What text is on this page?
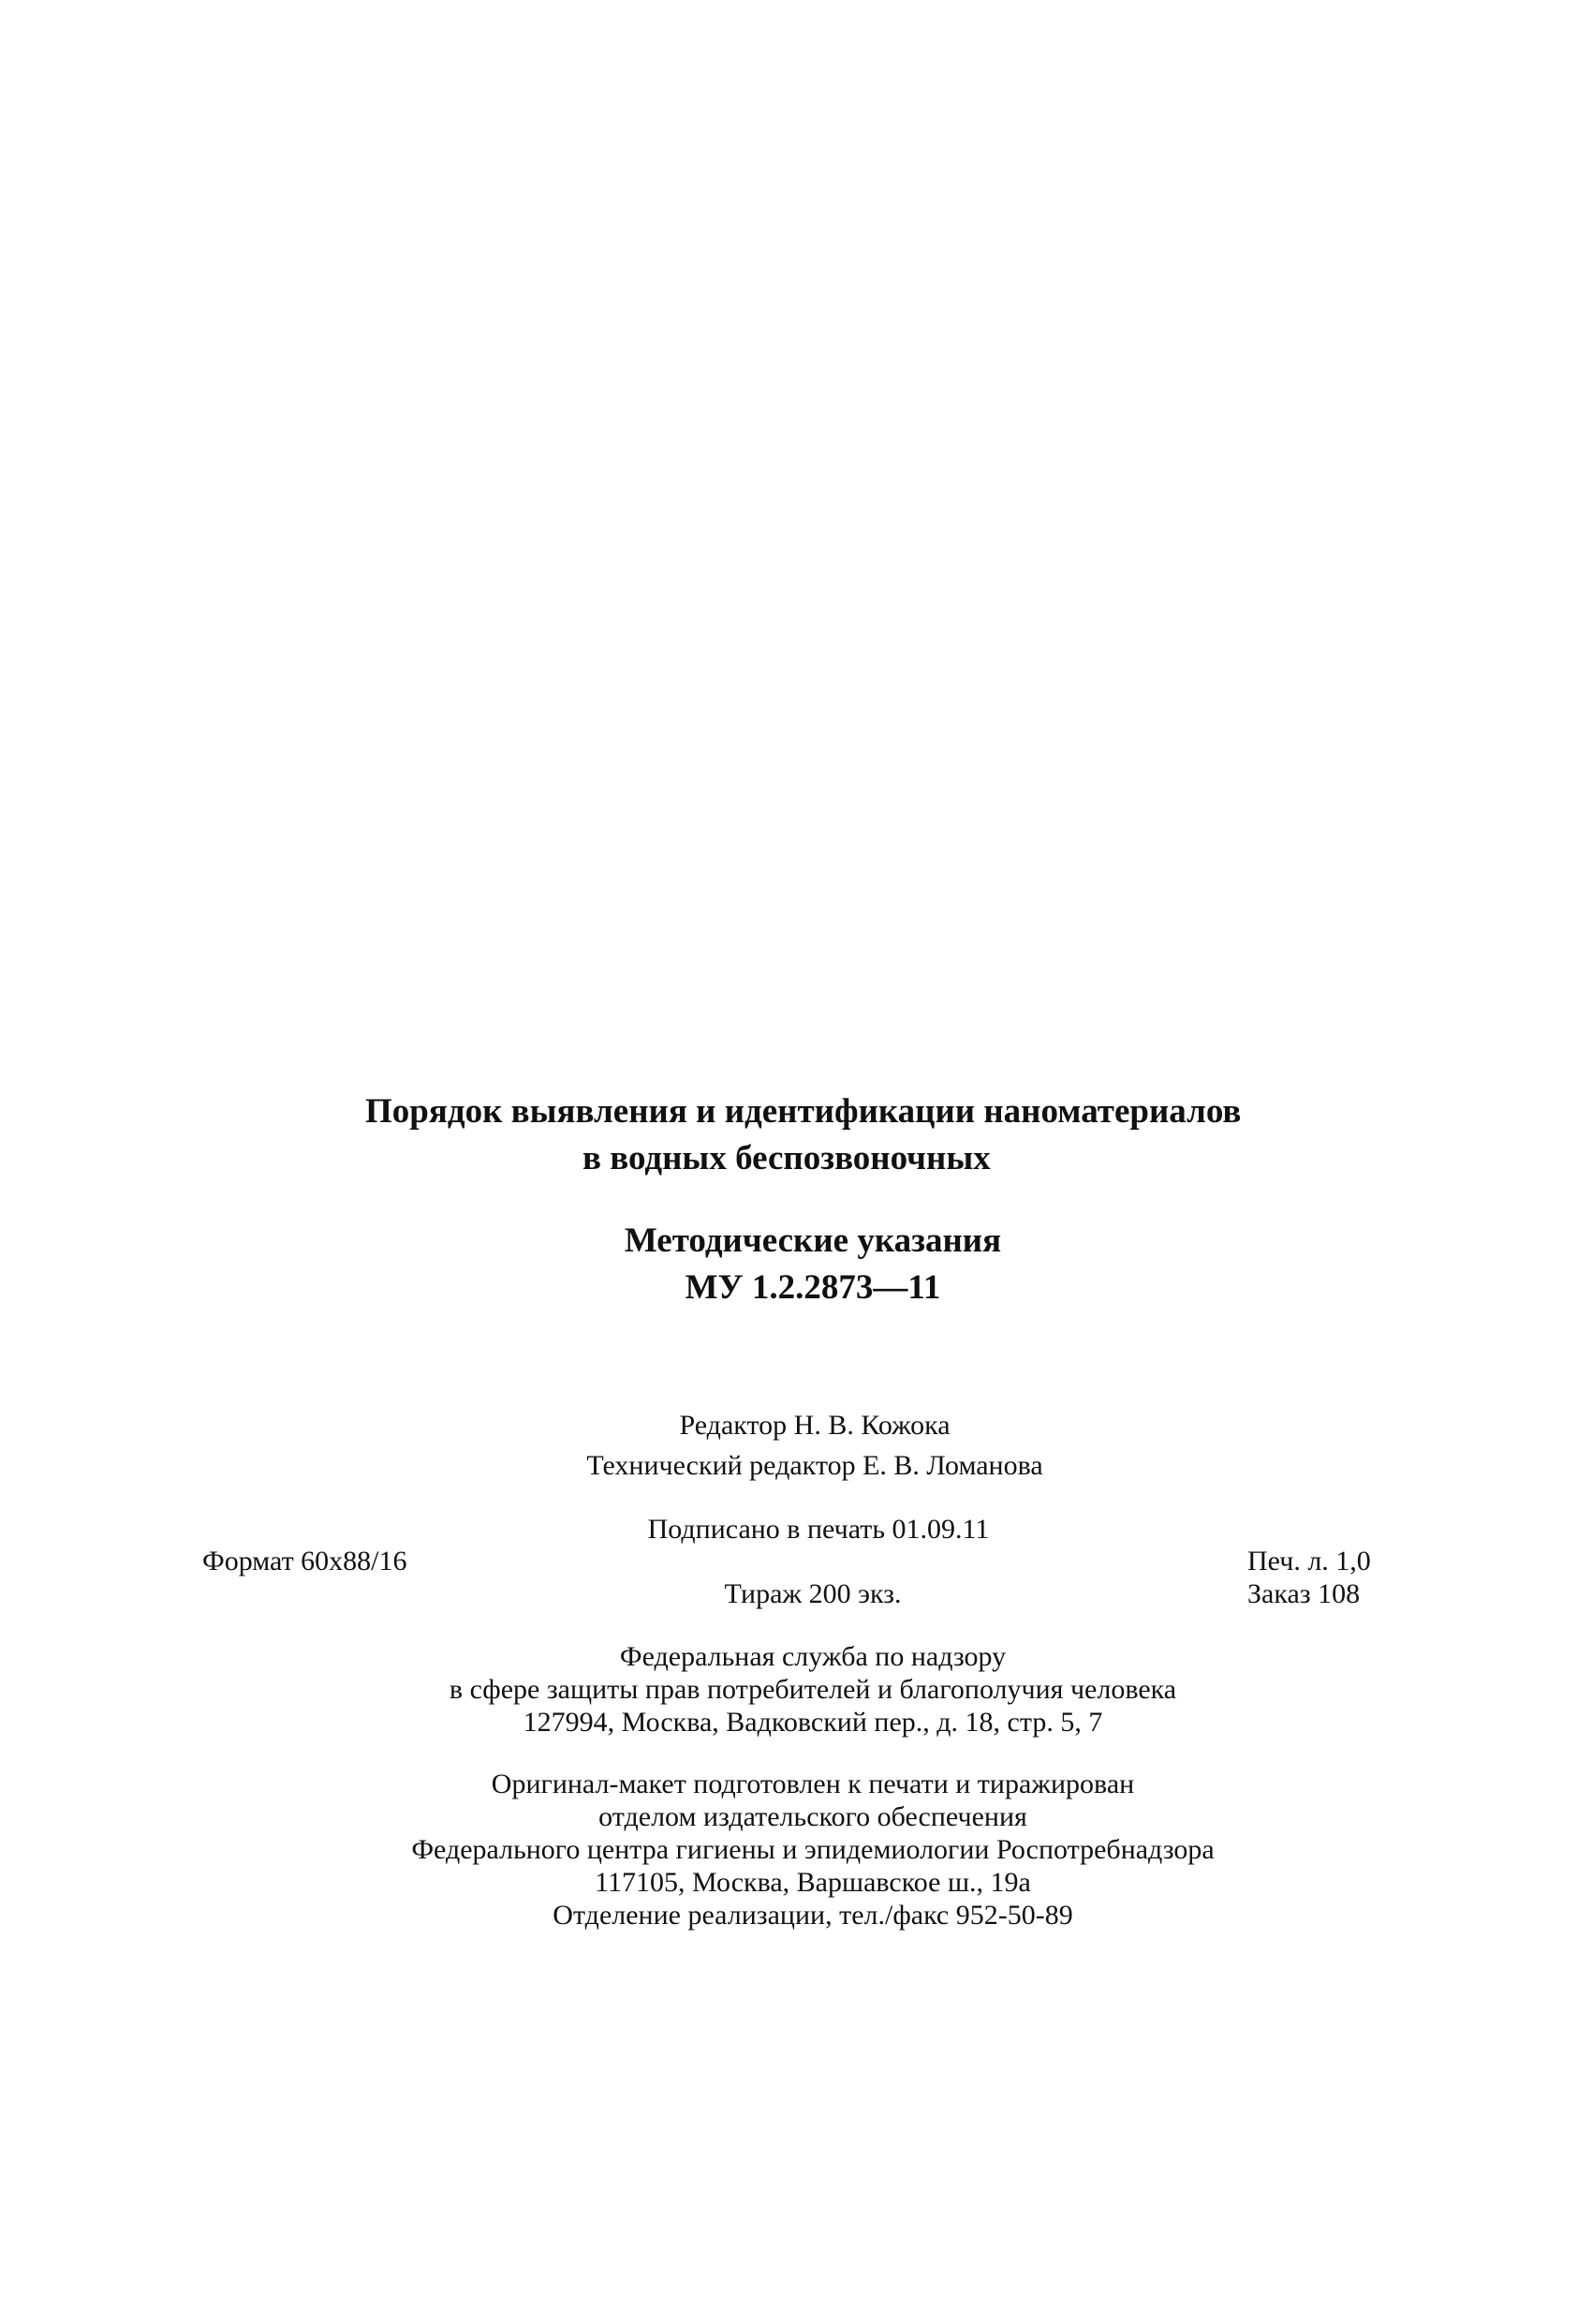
Порядок выявления и идентификации наноматериалов
в водных беспозвоночных
Методические указания
МУ 1.2.2873—11
Редактор Н. В. Кожока
Технический редактор Е. В. Ломанова
Подписано в печать 01.09.11
Формат 60x88/16	Печ. л. 1,0
Тираж 200 экз.	Заказ 108
Федеральная служба по надзору
в сфере защиты прав потребителей и благополучия человека
127994, Москва, Вадковский пер., д. 18, стр. 5, 7
Оригинал-макет подготовлен к печати и тиражирован
отделом издательского обеспечения
Федерального центра гигиены и эпидемиологии Роспотребнадзора
117105, Москва, Варшавское ш., 19а
Отделение реализации, тел./факс 952-50-89
